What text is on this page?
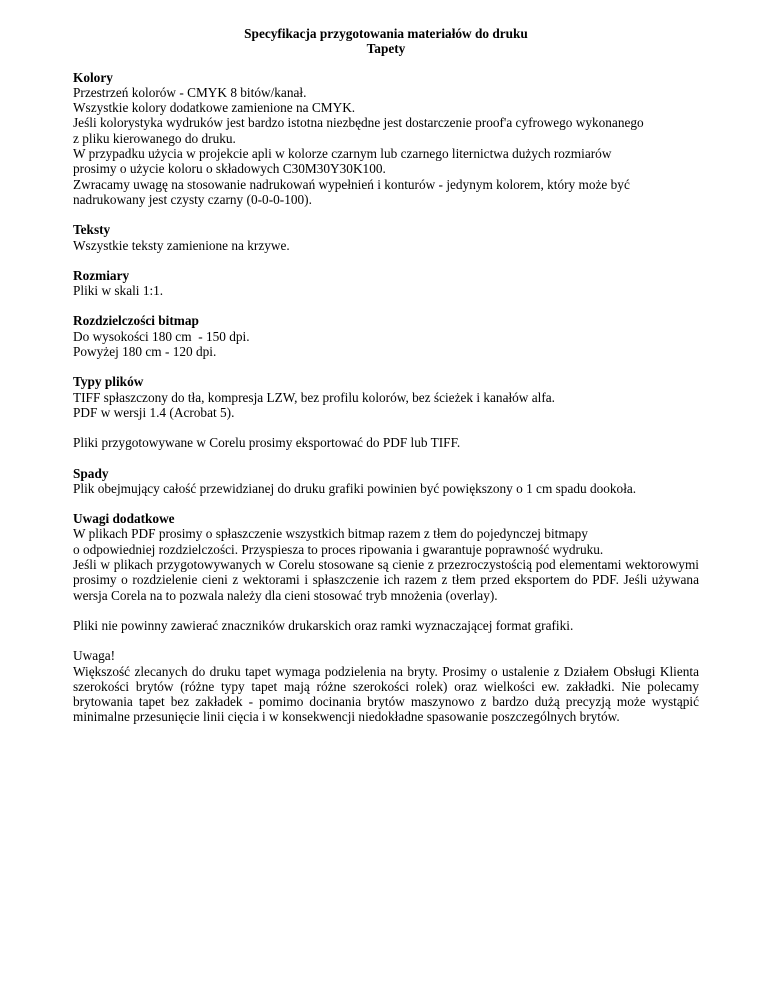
Specyfikacja przygotowania materiałów do druku
Tapety
Kolory
Przestrzeń kolorów - CMYK 8 bitów/kanał.
Wszystkie kolory dodatkowe zamienione na CMYK.
Jeśli kolorystyka wydruków jest bardzo istotna niezbędne jest dostarczenie proof'a cyfrowego wykonanego
z pliku kierowanego do druku.
W przypadku użycia w projekcie apli w kolorze czarnym lub czarnego liternictwa dużych rozmiarów
prosimy o użycie koloru o składowych C30M30Y30K100.
Zwracamy uwagę na stosowanie nadrukowań wypełnień i konturów - jedynym kolorem, który może być
nadrukowany jest czysty czarny (0-0-0-100).
Teksty
Wszystkie teksty zamienione na krzywe.
Rozmiary
Pliki w skali 1:1.
Rozdzielczości bitmap
Do wysokości 180 cm  - 150 dpi.
Powyżej 180 cm - 120 dpi.
Typy plików
TIFF spłaszczony do tła, kompresja LZW, bez profilu kolorów, bez ścieżek i kanałów alfa.
PDF w wersji 1.4 (Acrobat 5).
Pliki przygotowywane w Corelu prosimy eksportować do PDF lub TIFF.
Spady
Plik obejmujący całość przewidzianej do druku grafiki powinien być powiększony o 1 cm spadu dookoła.
Uwagi dodatkowe
W plikach PDF prosimy o spłaszczenie wszystkich bitmap razem z tłem do pojedynczej bitmapy
o odpowiedniej rozdzielczości. Przyspiesza to proces ripowania i gwarantuje poprawność wydruku.
Jeśli w plikach przygotowywanych w Corelu stosowane są cienie z przezroczystością pod elementami wektorowymi prosimy o rozdzielenie cieni z wektorami i spłaszczenie ich razem z tłem przed eksportem do PDF. Jeśli używana wersja Corela na to pozwala należy dla cieni stosować tryb mnożenia (overlay).
Pliki nie powinny zawierać znaczników drukarskich oraz ramki wyznaczającej format grafiki.
Uwaga!
Większość zlecanych do druku tapet wymaga podzielenia na bryty. Prosimy o ustalenie z Działem Obsługi Klienta szerokości brytów (różne typy tapet mają różne szerokości rolek) oraz wielkości ew. zakładki. Nie polecamy brytowania tapet bez zakładek - pomimo docinania brytów maszynowo z bardzo dużą precyzją może wystąpić minimalne przesunięcie linii cięcia i w konsekwencji niedokładne spasowanie poszczególnych brytów.
